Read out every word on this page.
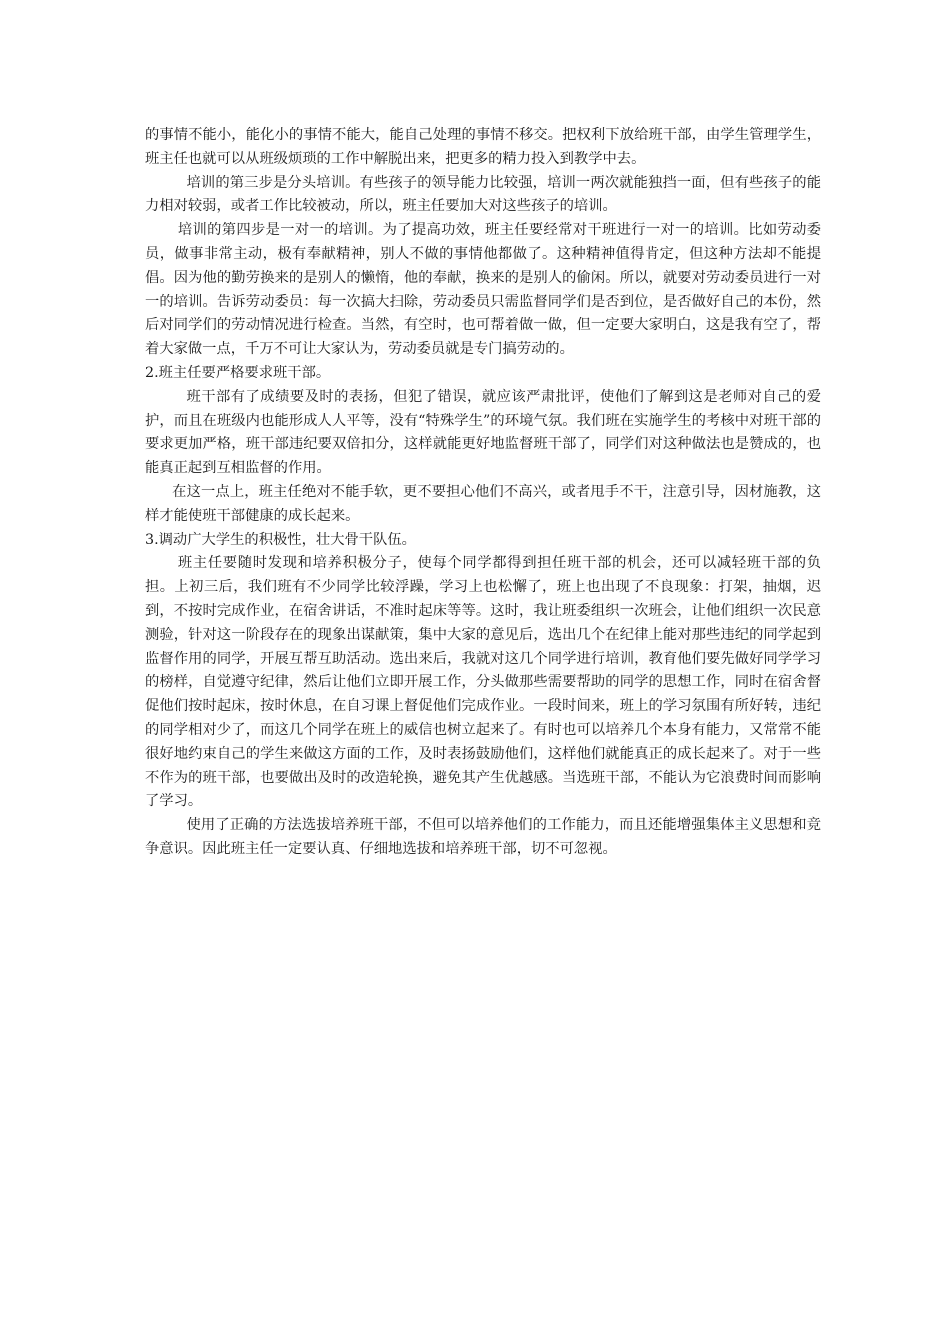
的事情不能小，能化小的事情不能大，能自己处理的事情不移交。把权利下放给班干部，由学生管理学生，班主任也就可以从班级烦琐的工作中解脱出来，把更多的精力投入到教学中去。

培训的第三步是分头培训。有些孩子的领导能力比较强，培训一两次就能独挡一面，但有些孩子的能力相对较弱，或者工作比较被动，所以，班主任要加大对这些孩子的培训。

培训的第四步是一对一的培训。为了提高功效，班主任要经常对干班进行一对一的培训。比如劳动委员，做事非常主动，极有奉献精神，别人不做的事情他都做了。这种精神值得肯定，但这种方法却不能提倡。因为他的勤劳换来的是别人的懒惰，他的奉献，换来的是别人的偷闲。所以，就要对劳动委员进行一对一的培训。告诉劳动委员：每一次搞大扫除，劳动委员只需监督同学们是否到位，是否做好自己的本份，然后对同学们的劳动情况进行检查。当然，有空时，也可帮着做一做，但一定要大家明白，这是我有空了，帮着大家做一点，千万不可让大家认为，劳动委员就是专门搞劳动的。

2.班主任要严格要求班干部。

班干部有了成绩要及时的表扬，但犯了错误，就应该严肃批评，使他们了解到这是老师对自己的爱护，而且在班级内也能形成人人平等，没有“特殊学生”的环境气氛。我们班在实施学生的考核中对班干部的要求更加严格，班干部违纪要双倍扣分，这样就能更好地监督班干部了，同学们对这种做法也是赞成的，也能真正起到互相监督的作用。

在这一点上，班主任绝对不能手软，更不要担心他们不高兴，或者甩手不干，注意引导，因材施教，这样才能使班干部健康的成长起来。

3.调动广大学生的积极性，壮大骨干队伍。

班主任要随时发现和培养积极分子，使每个同学都得到担任班干部的机会，还可以减轻班干部的负担。上初三后，我们班有不少同学比较浮躁，学习上也松懈了，班上也出现了不良现象：打架，抽烟，迟到，不按时完成作业，在宿舍讲话，不准时起床等等。这时，我让班委组织一次班会，让他们组织一次民意测验，针对这一阶段存在的现象出谋献策，集中大家的意见后，选出几个在纪律上能对那些违纪的同学起到监督作用的同学，开展互帮互助活动。选出来后，我就对这几个同学进行培训，教育他们要先做好同学学习的榜样，自觉遵守纪律，然后让他们立即开展工作，分头做那些需要帮助的同学的思想工作，同时在宿舍督促他们按时起床，按时休息，在自习课上督促他们完成作业。一段时间来，班上的学习氛围有所好转，违纪的同学相对少了，而这几个同学在班上的威信也树立起来了。有时也可以培养几个本身有能力，又常常不能很好地约束自己的学生来做这方面的工作，及时表扬鼓励他们，这样他们就能真正的成长起来了。对于一些不作为的班干部，也要做出及时的改造轮换，避免其产生优越感。当选班干部，不能认为它浪费时间而影响了学习。

使用了正确的方法选拔培养班干部，不但可以培养他们的工作能力，而且还能增强集体主义思想和竞争意识。因此班主任一定要认真、仔细地选拔和培养班干部，切不可忽视。
